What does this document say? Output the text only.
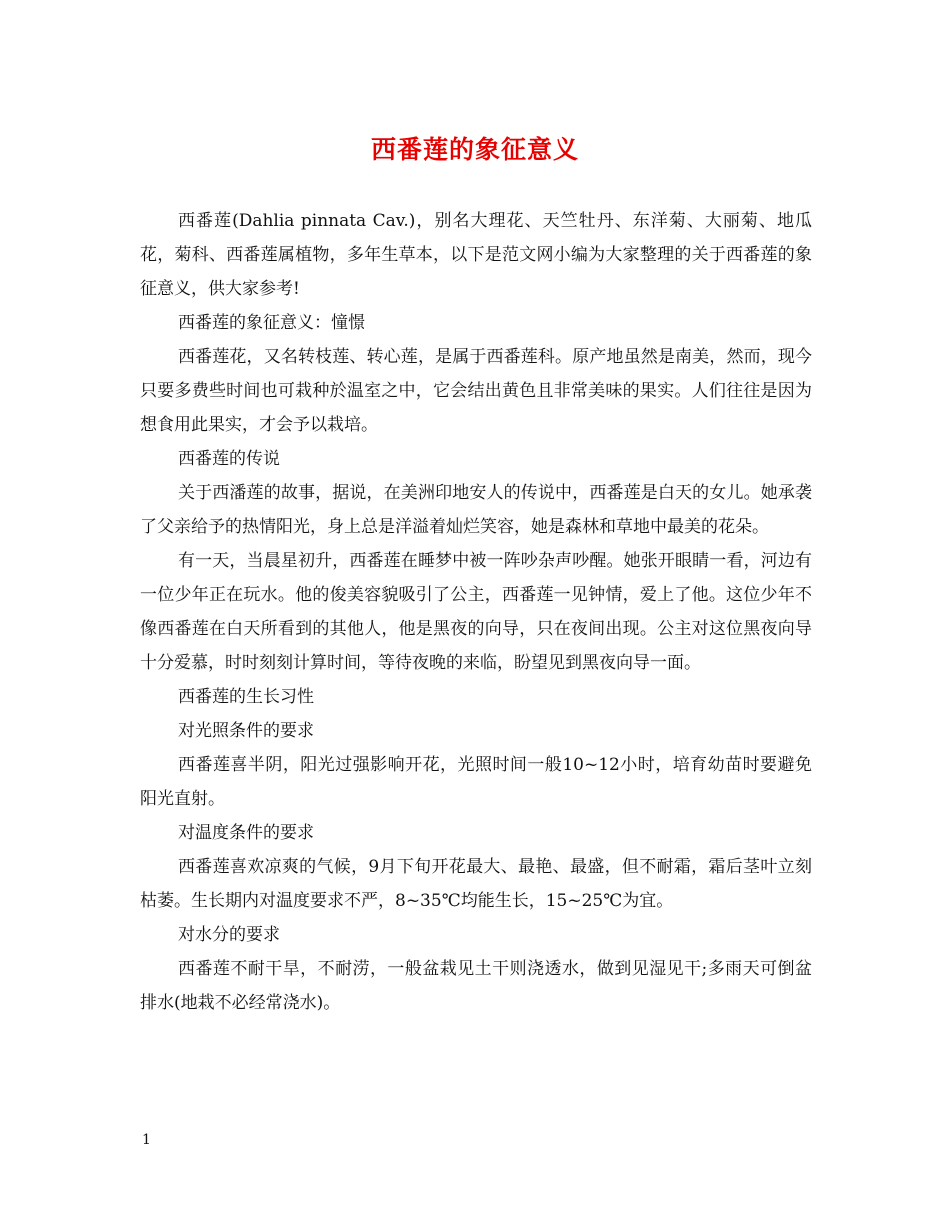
西番莲的象征意义

西番莲(Dahlia pinnata Cav.)，别名大理花、天竺牡丹、东洋菊、大丽菊、地瓜花，菊科、西番莲属植物，多年生草本，以下是范文网小编为大家整理的关于西番莲的象征意义，供大家参考!

西番莲的象征意义：憧憬

西番莲花，又名转枝莲、转心莲，是属于西番莲科。原产地虽然是南美，然而，现今只要多费些时间也可栽种於温室之中，它会结出黄色且非常美味的果实。人们往往是因为想食用此果实，才会予以栽培。

西番莲的传说

关于西潘莲的故事，据说，在美洲印地安人的传说中，西番莲是白天的女儿。她承袭了父亲给予的热情阳光，身上总是洋溢着灿烂笑容，她是森林和草地中最美的花朵。

有一天，当晨星初升，西番莲在睡梦中被一阵吵杂声吵醒。她张开眼睛一看，河边有一位少年正在玩水。他的俊美容貌吸引了公主，西番莲一见钟情，爱上了他。这位少年不像西番莲在白天所看到的其他人，他是黑夜的向导，只在夜间出现。公主对这位黑夜向导十分爱慕，时时刻刻计算时间，等待夜晚的来临，盼望见到黑夜向导一面。

西番莲的生长习性

对光照条件的要求

西番莲喜半阴，阳光过强影响开花，光照时间一般10~12小时，培育幼苗时要避免阳光直射。

对温度条件的要求

西番莲喜欢凉爽的气候，9月下旬开花最大、最艳、最盛，但不耐霜，霜后茎叶立刻枯萎。生长期内对温度要求不严，8~35℃均能生长，15~25℃为宜。

对水分的要求

西番莲不耐干旱，不耐涝，一般盆栽见土干则浇透水，做到见湿见干;多雨天可倒盆排水(地栽不必经常浇水)。

1
